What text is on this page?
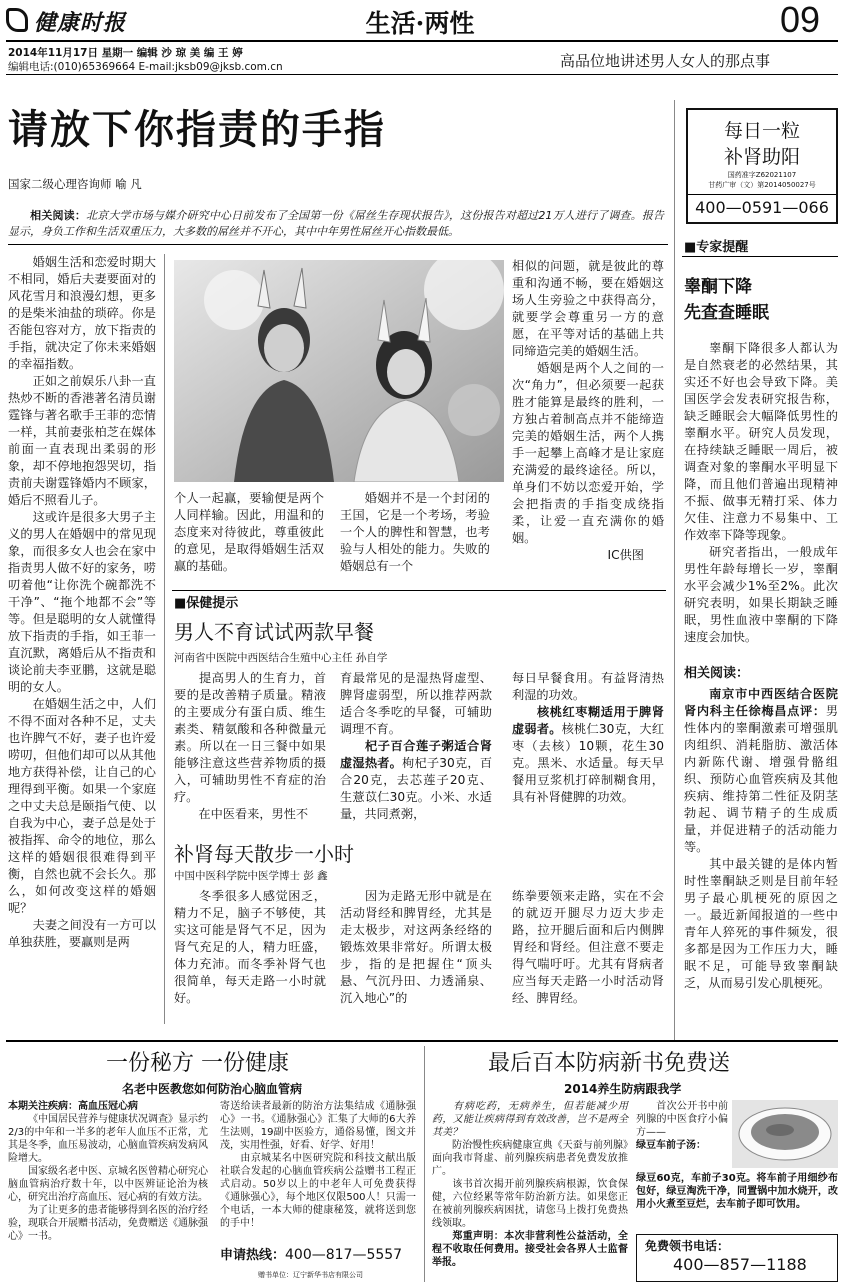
健康时报	生活·两性	09
2014年11月17日 星期一 编辑 沙 琼 美 编 王 婷
编辑电话:(010)65369664 E-mail:jksb09@jksb.com.cn	高品位地讲述男人女人的那点事
每日一粒
补肾助阳
国药准字Z62021107
甘药广审（文）第2014050027号
400—0591—066
请放下你指责的手指
国家二级心理咨询师 喻 凡
相关阅读：北京大学市场与媒介研究中心日前发布了全国第一份《屌丝生存现状报告》，这份报告对超过21万人进行了调查。报告显示，身负工作和生活双重压力，大多数的屌丝并不开心，其中中年男性屌丝开心指数最低。

婚姻生活和恋爱时期大不相同，婚后夫妻要面对的风花雪月和浪漫幻想，更多的是柴米油盐的琐碎。你是否能包容对方，放下指责的手指，就决定了你未来婚姻的幸福指数。

正如之前娱乐八卦一直热炒不断的香港著名清员谢霆锋与著名歌手王菲的恋情一样，其前妻张柏芝在媒体前面一直表现出柔弱的形象，却不停地抱怨哭切，指责前夫谢霆锋婚内不顾家，婚后不照看儿子。

这或许是很多大男子主义的男人在婚姻中的常见现象，而很多女人也会在家中指责男人做不好的家务，唠叨着他“让你洗个碗都洗不干净”、“拖个地都不会”等等。但是聪明的女人就懂得放下指责的手指，如王菲一直沉默，离婚后从不指责和谈论前夫李亚鹏，这就是聪明的女人。

在婚姻生活之中，人们不得不面对各种不足，丈夫也许脾气不好，妻子也许爱唠叨，但他们却可以从其他地方获得补偿，让自己的心理得到平衡。如果一个家庭之中丈夫总是颐指气使、以自我为中心，妻子总是处于被指挥、命令的地位，那么这样的婚姻很很难得到平衡，自然也就不会长久。那么，如何改变这样的婚姻呢？

夫妻之间没有一方可以单独获胜，要赢则是两

个人一起赢，要输便是两个人同样输。因此，用温和的态度来对待彼此，尊重彼此的意见，是取得婚姻生活双赢的基础。
婚姻并不是一个封闭的王国，它是一个考场，考验一个人的脾性和智慧，也考验与人相处的能力。失败的婚姻总有一个

相似的问题，就是彼此的尊重和沟通不畅，要在婚姻这场人生旁验之中获得高分，就要学会尊重另一方的意愿，在平等对话的基础上共同缔造完美的婚姻生活。

婚姻是两个人之间的一次“角力”，但必须要一起获胜才能算是最终的胜利，一方独占着制高点并不能缔造完美的婚姻生活，两个人携手一起攀上高峰才是让家庭充满爱的最终途径。所以，单身们不妨以恋爱开始，学会把指责的手指变成绕指柔，让爱一直充满你的婚姻。

IC供图

■保健提示
男人不育试试两款早餐
河南省中医院中西医结合生殖中心主任 孙自学

提高男人的生育力，首要的是改善精子质量。精液的主要成分有蛋白质、维生素类、精氨酸和各种微量元素。所以在一日三餐中如果能够注意这些营养物质的摄入，可辅助男性不育症的治疗。

在中医看来，男性不

育最常见的是湿热肾虚型、脾肾虚弱型，所以推荐两款适合冬季吃的早餐，可辅助调理不育。

杞子百合莲子粥适合肾虚湿热者。枸杞子30克，百合20克，去芯莲子20克、生薏苡仁30克。小米、水适量，共同煮粥，

每日早餐食用。有益肾清热利湿的功效。

核桃红枣糊适用于脾肾虚弱者。核桃仁30克，大红枣（去核）10颗，花生30克。黑米、水适量。每天早餐用豆浆机打碎制糊食用，具有补肾健脾的功效。

补肾每天散步一小时
中国中医科学院中医学博士 彭 鑫
冬季很多人感觉困乏，精力不足，脑子不够使，其实这可能是肾气不足，因为肾气充足的人，精力旺盛，体力充沛。而冬季补肾气也很简单，每天走路一小时就好。
因为走路无形中就是在活动肾经和脾胃经，尤其是走太极步，对这两条经络的锻炼效果非常好。所谓太极步，指的是把握住“顶头悬、气沉丹田、力透涌泉、沉入地心”的
练拳要领来走路，实在不会的就迈开腿尽力迈大步走路，拉开腿后面和后内侧脾胃经和肾经。但注意不要走得气喘吁吁。尤其有肾病者应当每天走路一小时活动肾经、脾胃经。
■专家提醒
睾酮下降
先查查睡眠

睾酮下降很多人都认为是自然衰老的必然结果，其实还不好也会导致下降。美国医学会发表研究报告称，缺乏睡眠会大幅降低男性的睾酮水平。研究人员发现，在持续缺乏睡眠一周后，被调查对象的睾酮水平明显下降，而且他们普遍出现精神不振、做事无精打采、体力欠佳、注意力不易集中、工作效率下降等现象。

研究者指出，一般成年男性年龄每增长一岁，睾酮水平会减少1%至2%。此次研究表明，如果长期缺乏睡眠，男性血液中睾酮的下降速度会加快。

相关阅读：

南京市中西医结合医院肾内科主任徐梅昌点评：男性体内的睾酮激素可增强肌肉组织、消耗脂肪、激活体内新陈代谢、增强骨骼组织、预防心血管疾病及其他疾病、维持第二性征及阴茎勃起、调节精子的生成质量，并促进精子的活动能力等。

其中最关键的是体内暂时性睾酮缺乏则是目前年轻男子最心肌梗死的原因之一。最近新闻报道的一些中青年人猝死的事件频发，很多都是因为工作压力大，睡眠不足，可能导致睾酮缺乏，从而易引发心肌梗死。

一份秘方 一份健康
名老中医教您如何防治心脑血管病

本期关注疾病：高血压冠心病

《中国居民营养与健康状况调查》显示约2/3的中年和一半多的老年人血压不正常，尤其是冬季，血压易波动，心脑血管疾病发病风险增大。

国家级名老中医、京城名医曾精心研究心脑血管病治疗数十年，以中医辨证论治为核心，研究出治疗高血压、冠心病的有效方法。

为了让更多的患者能够得到名医的治疗经验，现联合开展赠书活动，免费赠送《通脉强心》一书。

寄送给读者最新的防治方法集结成《通脉强心》一书。《通脉强心》汇集了大师的6大养生法则，19副中医验方，通俗易懂，图文并茂，实用性强，好看、好学、好用！

由京城某名中医研究院和科技文献出版社联合发起的心脑血管疾病公益赠书工程正式启动。50岁以上的中老年人可免费获得《通脉强心》，每个地区仅限500人！只需一个电话，一本大师的健康秘笈，就将送到您的手中！

申请热线：400—817—5557
赠书单位：辽宁新华书店有限公司
最后百本防病新书免费送
2014养生防病跟我学

有病吃药，无病养生，但若能减少用药，又能让疾病得到有效改善，岂不是两全其美？

防治慢性疾病健康宣典《天蚕与前列腺》面向我市肾虚、前列腺疾病患者免费发放推广。

该书首次揭开前列腺疾病根源，饮食保健，六位经累等常年防治新方法。如果您正在被前列腺疾病困扰，请您马上拨打免费热线领取。

郑重声明：本次非营利性公益活动，全程不收取任何费用。接受社会各界人士监督举报。

首次公开书中前列腺的中医食疗小偏方——

绿豆车前子汤：

绿豆60克，车前子30克。将车前子用细纱布包好，绿豆淘洗干净，同置锅中加水烧开，改用小火煮至豆烂，去车前子即可饮用。
免费领书电话：
400—857—1188
